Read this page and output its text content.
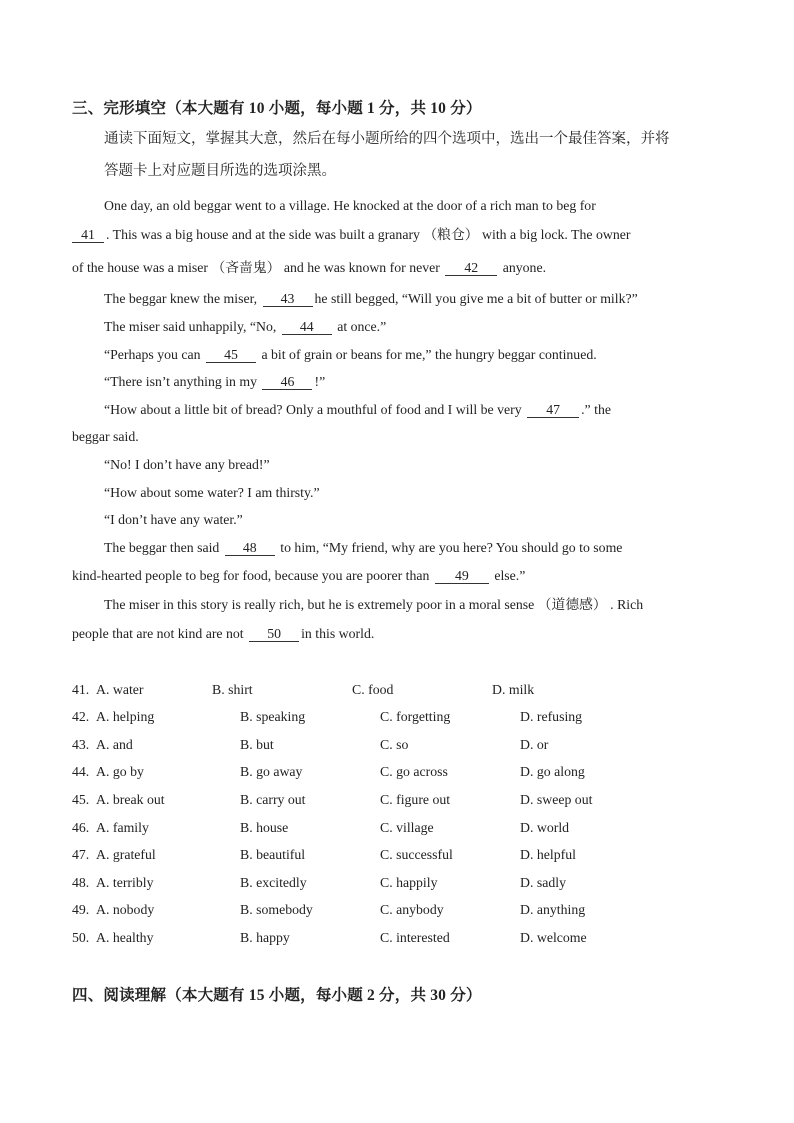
三、完形填空（本大题有 10 小题，每小题 1 分，共 10 分）
通读下面短文，掌握其大意，然后在每小题所给的四个选项中，选出一个最佳答案，并将
答题卡上对应题目所选的选项涂黑。
One day, an old beggar went to a village. He knocked at the door of a rich man to beg for
41 . This was a big house and at the side was built a granary （粮仓） with a big lock. The owner
of the house was a miser （吝啬鬼） and he was known for never 42 anyone.
The beggar knew the miser, 43 he still begged, “Will you give me a bit of butter or milk?”
The miser said unhappily, “No, 44 at once.”
“Perhaps you can 45 a bit of grain or beans for me,” the hungry beggar continued.
“There isn’t anything in my 46 !”
“How about a little bit of bread? Only a mouthful of food and I will be very 47 .” the
beggar said.
“No! I don’t have any bread!”
“How about some water? I am thirsty.”
“I don’t have any water.”
The beggar then said 48 to him, “My friend, why are you here? You should go to some
kind-hearted people to beg for food, because you are poorer than 49 else.”
The miser in this story is really rich, but he is extremely poor in a moral sense （道德感） . Rich
people that are not kind are not 50 in this world.
41. A. water	B. shirt	C. food	D. milk
42. A. helping	B. speaking	C. forgetting	D. refusing
43. A. and	B. but	C. so	D. or
44. A. go by	B. go away	C. go across	D. go along
45. A. break out	B. carry out	C. figure out	D. sweep out
46. A. family	B. house	C. village	D. world
47. A. grateful	B. beautiful	C. successful	D. helpful
48. A. terribly	B. excitedly	C. happily	D. sadly
49. A. nobody	B. somebody	C. anybody	D. anything
50. A. healthy	B. happy	C. interested	D. welcome
四、阅读理解（本大题有 15 小题，每小题 2 分，共 30 分）
